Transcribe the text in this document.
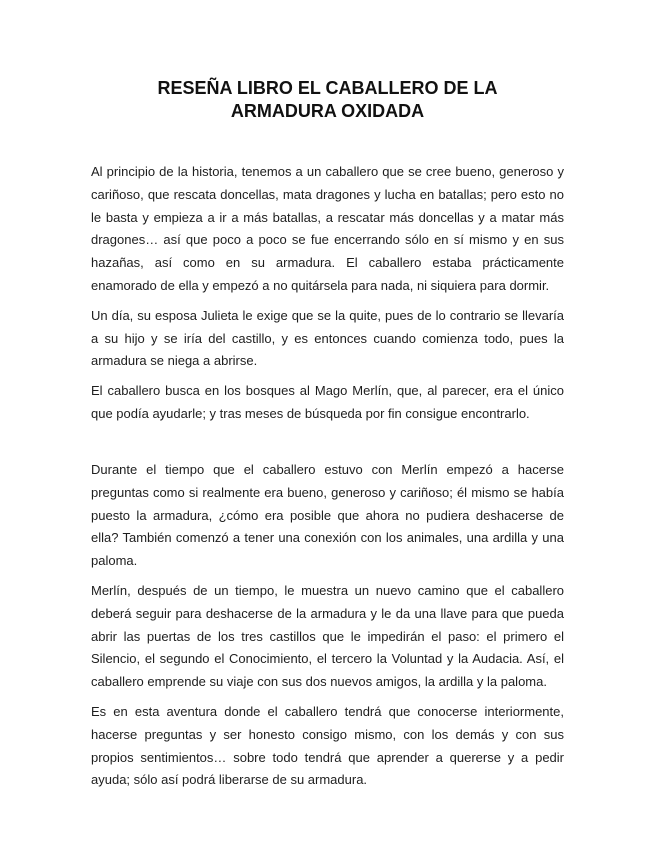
RESEÑA LIBRO EL CABALLERO DE LA
ARMADURA OXIDADA

Al principio de la historia, tenemos a un caballero que se cree bueno, generoso y cariñoso, que rescata doncellas, mata dragones y lucha en batallas; pero esto no le basta y empieza a ir a más batallas, a rescatar más doncellas y a matar más dragones… así que poco a poco se fue encerrando sólo en sí mismo y en sus hazañas, así como en su armadura. El caballero estaba prácticamente enamorado de ella y empezó a no quitársela para nada, ni siquiera para dormir.

Un día, su esposa Julieta le exige que se la quite, pues de lo contrario se llevaría a su hijo y se iría del castillo, y es entonces cuando comienza todo, pues la armadura se niega a abrirse.

El caballero busca en los bosques al Mago Merlín, que, al parecer, era el único que podía ayudarle; y tras meses de búsqueda por fin consigue encontrarlo.

Durante el tiempo que el caballero estuvo con Merlín empezó a hacerse preguntas como si realmente era bueno, generoso y cariñoso; él mismo se había puesto la armadura, ¿cómo era posible que ahora no pudiera deshacerse de ella? También comenzó a tener una conexión con los animales, una ardilla y una paloma.

Merlín, después de un tiempo, le muestra un nuevo camino que el caballero deberá seguir para deshacerse de la armadura y le da una llave para que pueda abrir las puertas de los tres castillos que le impedirán el paso: el primero el Silencio, el segundo el Conocimiento, el tercero la Voluntad y la Audacia. Así, el caballero emprende su viaje con sus dos nuevos amigos, la ardilla y la paloma.

Es en esta aventura donde el caballero tendrá que conocerse interiormente, hacerse preguntas y ser honesto consigo mismo, con los demás y con sus propios sentimientos… sobre todo tendrá que aprender a quererse y a pedir ayuda; sólo así podrá liberarse de su armadura.
